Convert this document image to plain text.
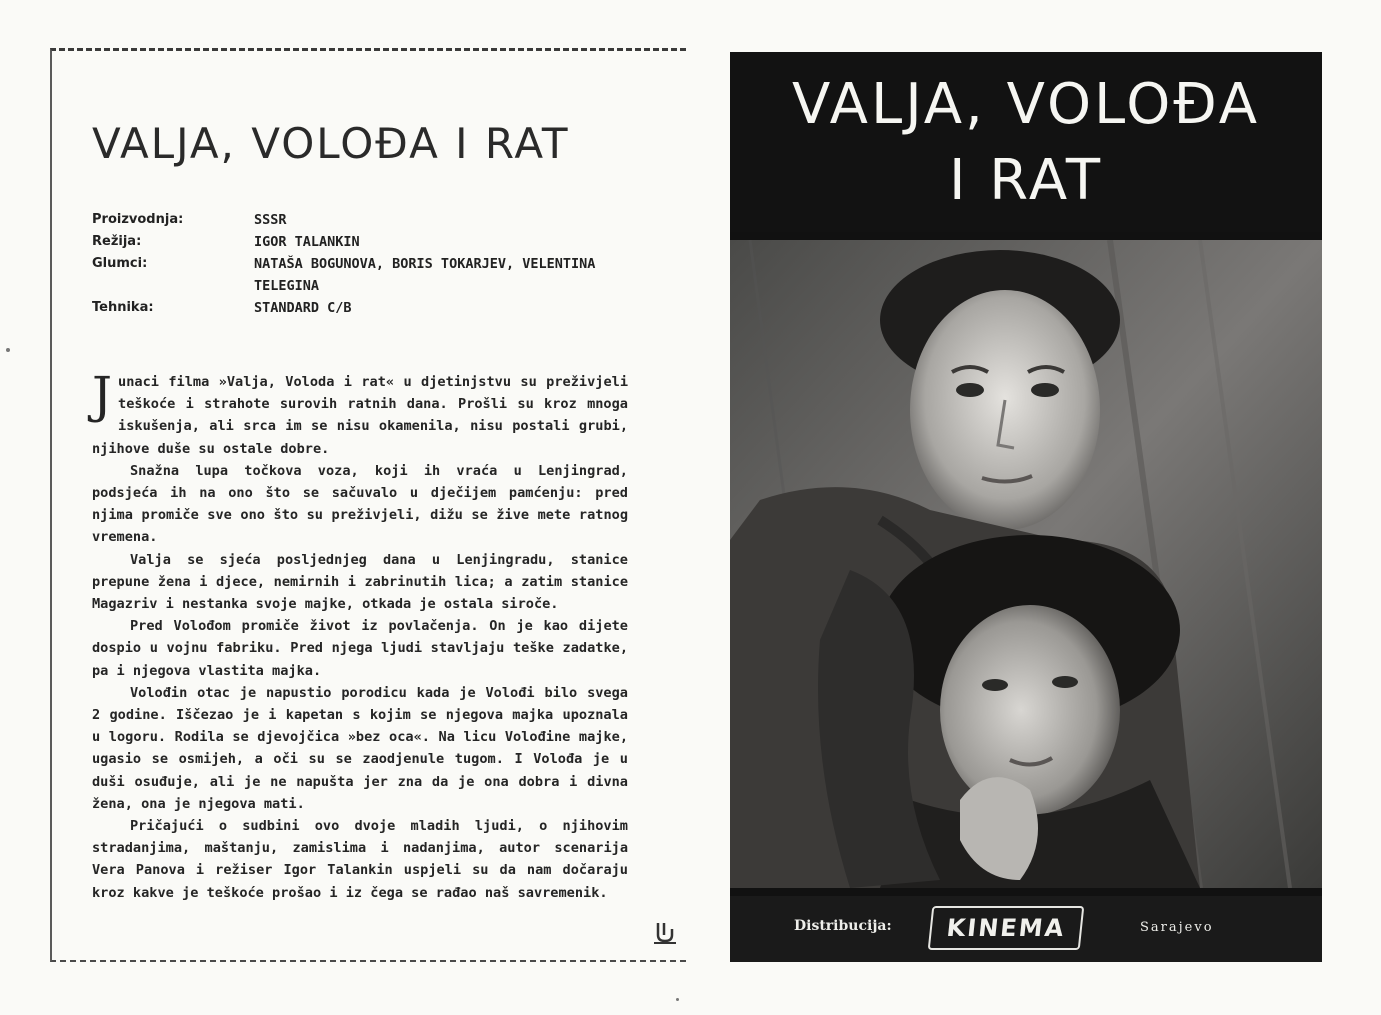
VALJA, VOLOĐA I RAT
Proizvodnja:	SSSR
Režija:	IGOR TALANKIN
Glumci:	NATAŠA BOGUNOVA, BORIS TOKARJEV, VELENTINA TELEGINA
Tehnika:	STANDARD C/B

Junaci filma »Valja, Voloda i rat« u djetinjstvu su preživjeli teškoće i strahote surovih ratnih dana. Prošli su kroz mnoga iskušenja, ali srca im se nisu okamenila, nisu postali grubi, njihove duše su ostale dobre.

Snažna lupa točkova voza, koji ih vraća u Lenjingrad, podsjeća ih na ono što se sačuvalo u dječijem pamćenju: pred njima promiče sve ono što su preživjeli, dižu se žive mete ratnog vremena.

Valja se sjeća posljednjeg dana u Lenjingradu, stanice prepune žena i djece, nemirnih i zabrinutih lica; a zatim stanice Magazriv i nestanka svoje majke, otkada je ostala siroče.

Pred Volođom promiče život iz povlačenja. On je kao dijete dospio u vojnu fabriku. Pred njega ljudi stavljaju teške zadatke, pa i njegova vlastita majka.

Volođin otac je napustio porodicu kada je Volođi bilo svega 2 godine. Iščezao je i kapetan s kojim se njegova majka upoznala u logoru. Rodila se djevojčica »bez oca«. Na licu Volođine majke, ugasio se osmijeh, a oči su se zaodjenule tugom. I Volođa je u duši osuđuje, ali je ne napušta jer zna da je ona dobra i divna žena, ona je njegova mati.

Pričajući o sudbini ovo dvoje mladih ljudi, o njihovim stradanjima, maštanju, zamislima i nadanjima, autor scenarija Vera Panova i režiser Igor Talankin uspjeli su da nam dočaraju kroz kakve je teškoće prošao i iz čega se rađao naš savremenik.

VALJA, VOLOĐA
I RAT
Distribucija:	KINEMA	Sarajevo
